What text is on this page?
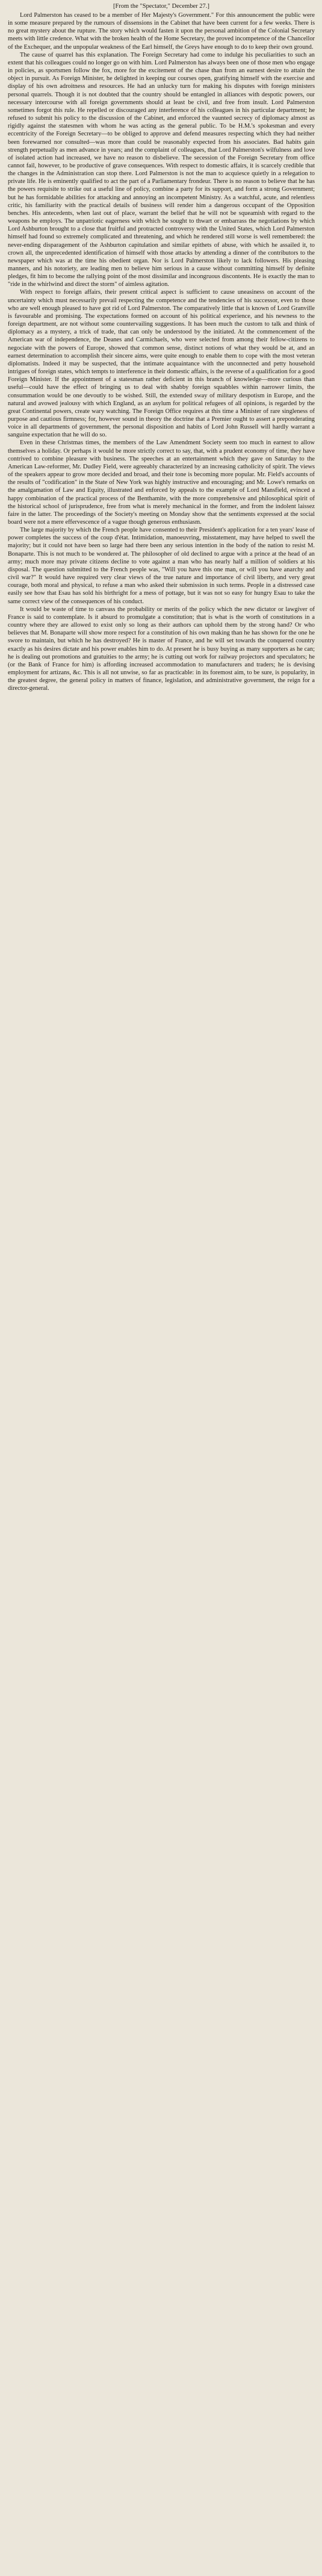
[From the "Spectator," December 27.]

Lord Palmerston has ceased to be a member of Her Majesty's Government." For this announcement the public were in some measure prepared by the rumours of dissensions in the Cabinet that have been current for a few weeks. There is no great mystery about the rupture. The story which would fasten it upon the personal ambition of the Colonial Secretary meets with little credence. What with the broken health of the Home Secretary, the proved incompetence of the Chancellor of the Exchequer, and the unpopular weakness of the Earl himself, the Greys have enough to do to keep their own ground.

The cause of quarrel has this explanation. The Foreign Secretary had come to indulge his peculiarities to such an extent that his colleagues could no longer go on with him. Lord Palmerston has always been one of those men who engage in policies, as sportsmen follow the fox, more for the excitement of the chase than from an earnest desire to attain the object in pursuit. As Foreign Minister, he delighted in keeping our courses open, gratifying himself with the exercise and display of his own adroitness and resources. He had an unlucky turn for making his disputes with foreign ministers personal quarrels. Though it is not doubted that the country should be entangled in alliances with despotic powers, our necessary intercourse with all foreign governments should at least be civil, and free from insult. Lord Palmerston sometimes forgot this rule. He repelled or discouraged any interference of his colleagues in his particular department; he refused to submit his policy to the discussion of the Cabinet, and enforced the vaunted secrecy of diplomacy almost as rigidly against the statesmen with whom he was acting as the general public. To be H.M.'s spokesman and every eccentricity of the Foreign Secretary—to be obliged to approve and defend measures respecting which they had neither been forewarned nor consulted—was more than could be reasonably expected from his associates. Bad habits gain strength perpetually as men advance in years; and the complaint of colleagues, that Lord Palmerston's wilfulness and love of isolated action had increased, we have no reason to disbelieve. The secession of the Foreign Secretary from office cannot fail, however, to be productive of grave consequences. With respect to domestic affairs, it is scarcely credible that the changes in the Administration can stop there. Lord Palmerston is not the man to acquiesce quietly in a relegation to private life. He is eminently qualified to act the part of a Parliamentary frondeur. There is no reason to believe that he has the powers requisite to strike out a useful line of policy, combine a party for its support, and form a strong Government; but he has formidable abilities for attacking and annoying an incompetent Ministry. As a watchful, acute, and relentless critic, his familiarity with the practical details of business will render him a dangerous occupant of the Opposition benches. His antecedents, when last out of place, warrant the belief that he will not be squeamish with regard to the weapons he employs. The unpatriotic eagerness with which he sought to thwart or embarrass the negotiations by which Lord Ashburton brought to a close that fruitful and protracted controversy with the United States, which Lord Palmerston himself had found so extremely complicated and threatening, and which he rendered still worse is well remembered: the never-ending disparagement of the Ashburton capitulation and similar epithets of abuse, with which he assailed it, to crown all, the unprecedented identification of himself with those attacks by attending a dinner of the contributors to the newspaper which was at the time his obedient organ. Nor is Lord Palmerston likely to lack followers. His pleasing manners, and his notoriety, are leading men to believe him serious in a cause without committing himself by definite pledges, fit him to become the rallying point of the most dissimilar and incongruous discontents. He is exactly the man to "ride in the whirlwind and direct the storm" of aimless agitation.

With respect to foreign affairs, their present critical aspect is sufficient to cause uneasiness on account of the uncertainty which must necessarily prevail respecting the competence and the tendencies of his successor, even to those who are well enough pleased to have got rid of Lord Palmerston. The comparatively little that is known of Lord Granville is favourable and promising. The expectations formed on account of his political experience, and his newness to the foreign department, are not without some countervailing suggestions. It has been much the custom to talk and think of diplomacy as a mystery, a trick of trade, that can only be understood by the initiated. At the commencement of the American war of independence, the Deanes and Carmichaels, who were selected from among their fellow-citizens to negociate with the powers of Europe, showed that common sense, distinct notions of what they would be at, and an earnest determination to accomplish their sincere aims, were quite enough to enable them to cope with the most veteran diplomatists. Indeed it may be suspected, that the intimate acquaintance with the unconnected and petty household intrigues of foreign states, which tempts to interference in their domestic affairs, is the reverse of a qualification for a good Foreign Minister. If the appointment of a statesman rather deficient in this branch of knowledge—more curious than useful—could have the effect of bringing us to deal with shabby foreign squabbles within narrower limits, the consummation would be one devoutly to be wished. Still, the extended sway of military despotism in Europe, and the natural and avowed jealousy with which England, as an asylum for political refugees of all opinions, is regarded by the great Continental powers, create wary watching. The Foreign Office requires at this time a Minister of rare singleness of purpose and cautious firmness; for, however sound in theory the doctrine that a Premier ought to assert a preponderating voice in all departments of government, the personal disposition and habits of Lord John Russell will hardly warrant a sanguine expectation that he will do so.

Even in these Christmas times, the members of the Law Amendment Society seem too much in earnest to allow themselves a holiday. Or perhaps it would be more strictly correct to say, that, with a prudent economy of time, they have contrived to combine pleasure with business. The speeches at an entertainment which they gave on Saturday to the American Law-reformer, Mr. Dudley Field, were agreeably characterized by an increasing catholicity of spirit. The views of the speakers appear to grow more decided and broad, and their tone is becoming more popular. Mr. Field's accounts of the results of "codification" in the State of New York was highly instructive and encouraging; and Mr. Lowe's remarks on the amalgamation of Law and Equity, illustrated and enforced by appeals to the example of Lord Mansfield, evinced a happy combination of the practical process of the Benthamite, with the more comprehensive and philosophical spirit of the historical school of jurisprudence, free from what is merely mechanical in the former, and from the indolent laissez faire in the latter. The proceedings of the Society's meeting on Monday show that the sentiments expressed at the social board were not a mere effervescence of a vague though generous enthusiasm.

The large majority by which the French people have consented to their President's application for a ten years' lease of power completes the success of the coup d'état. Intimidation, manoeuvring, misstatement, may have helped to swell the majority; but it could not have been so large had there been any serious intention in the body of the nation to resist M. Bonaparte. This is not much to be wondered at. The philosopher of old declined to argue with a prince at the head of an army; much more may private citizens decline to vote against a man who has nearly half a million of soldiers at his disposal. The question submitted to the French people was, "Will you have this one man, or will you have anarchy and civil war?" It would have required very clear views of the true nature and importance of civil liberty, and very great courage, both moral and physical, to refuse a man who asked their submission in such terms. People in a distressed case easily see how that Esau has sold his birthright for a mess of pottage, but it was not so easy for hungry Esau to take the same correct view of the consequences of his conduct.

It would be waste of time to canvass the probability or merits of the policy which the new dictator or lawgiver of France is said to contemplate. Is it absurd to promulgate a constitution; that is what is the worth of constitutions in a country where they are allowed to exist only so long as their authors can uphold them by the strong hand? Or who believes that M. Bonaparte will show more respect for a constitution of his own making than he has shown for the one he swore to maintain, but which he has destroyed? He is master of France, and he will set towards the conquered country exactly as his desires dictate and his power enables him to do. At present he is busy buying as many supporters as he can; he is dealing out promotions and gratuities to the army; he is cutting out work for railway projectors and speculators; he (or the Bank of France for him) is affording increased accommodation to manufacturers and traders; he is devising employment for artizans, &c. This is all not unwise, so far as practicable: in its foremost aim, to be sure, is popularity, in the greatest degree, the general policy in matters of finance, legislation, and administrative government, the reign for a director-general.
